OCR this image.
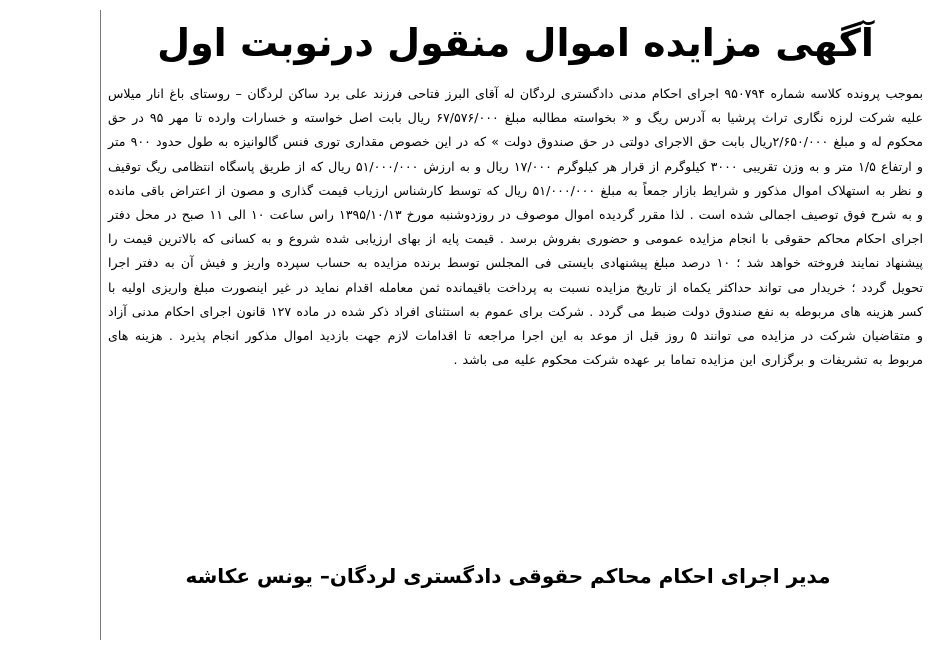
آگهی مزایده اموال منقول درنوبت اول

بموجب پرونده کلاسه شماره ۹۵۰۷۹۴ اجرای احکام مدنی دادگستری لردگان له آقای البرز فتاحی فرزند علی برد ساکن لردگان – روستای باغ انار میلاس علیه شرکت لرزه نگاری تراث پرشیا به آدرس ریگ و « بخواسته مطالبه مبلغ ۶۷/۵۷۶/۰۰۰ ریال بابت اصل خواسته و خسارات وارده تا مهر ۹۵ در حق محکوم له و مبلغ ۲/۶۵۰/۰۰۰ریال بابت حق الاجرای دولتی در حق صندوق دولت » که در این خصوص مقداری توری فنس گالوانیزه به طول حدود ۹۰۰ متر و ارتفاع ۱/۵ متر و به وزن تقریبی ۳۰۰۰ کیلوگرم از قرار هر کیلوگرم ۱۷/۰۰۰ ریال و به ارزش ۵۱/۰۰۰/۰۰۰ ریال که از طریق پاسگاه انتظامی ریگ توقیف و نظر به استهلاک اموال مذکور و شرایط بازار جمعاً به مبلغ ۵۱/۰۰۰/۰۰۰ ریال که توسط کارشناس ارزیاب قیمت گذاری و مصون از اعتراض باقی مانده و به شرح فوق توصیف اجمالی شده است . لذا مقرر گردیده اموال موصوف در روزدوشنبه مورخ ۱۳۹۵/۱۰/۱۳ راس ساعت ۱۰ الی ۱۱ صبح در محل دفتر اجرای احکام محاکم حقوقی با انجام مزایده عمومی و حضوری بفروش برسد . قیمت پایه از بهای ارزیابی شده شروع و به کسانی که بالاترین قیمت را پیشنهاد نمایند فروخته خواهد شد ؛ ۱۰ درصد مبلغ پیشنهادی بایستی فی المجلس توسط برنده مزایده به حساب سپرده واریز و فیش آن به دفتر اجرا تحویل گردد ؛ خریدار می تواند حداکثر یکماه از تاریخ مزایده نسبت به پرداخت باقیمانده ثمن معامله اقدام نماید در غیر اینصورت مبلغ واریزی اولیه با کسر هزینه های مربوطه به نفع صندوق دولت ضبط می گردد . شرکت برای عموم به استثنای افراد ذکر شده در ماده ۱۲۷ قانون اجرای احکام مدنی آزاد و متقاضیان شرکت در مزایده می توانند ۵ روز قبل از موعد به این اجرا مراجعه تا اقدامات لازم جهت بازدید اموال مذکور انجام پذیرد . هزینه های مربوط به تشریفات و برگزاری این مزایده تماما بر عهده شرکت محکوم علیه می باشد .

مدیر اجرای احکام محاکم حقوقی دادگستری لردگان– یونس عکاشه
